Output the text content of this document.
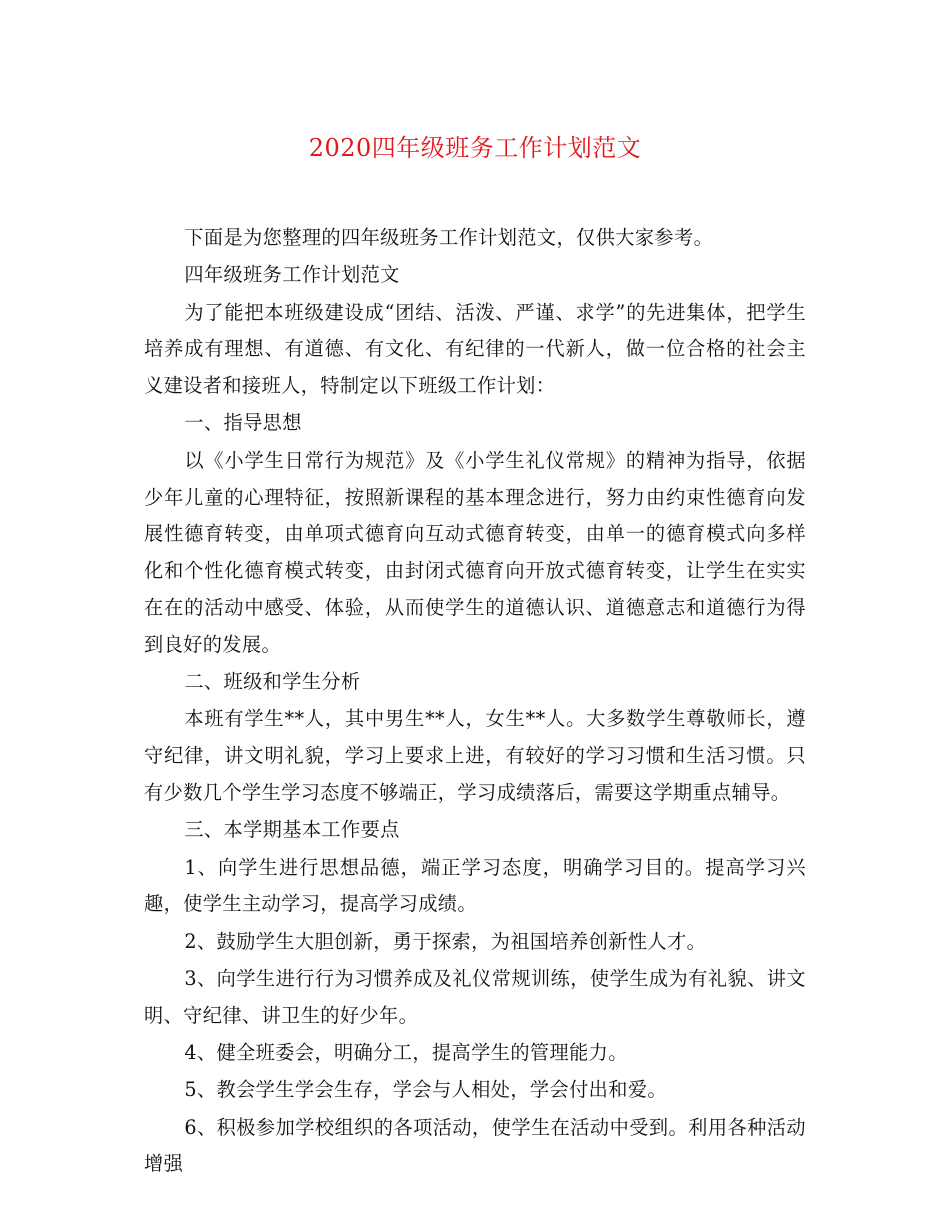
2020四年级班务工作计划范文

下面是为您整理的四年级班务工作计划范文，仅供大家参考。

四年级班务工作计划范文

为了能把本班级建设成“团结、活泼、严谨、求学”的先进集体，把学生培养成有理想、有道德、有文化、有纪律的一代新人，做一位合格的社会主义建设者和接班人，特制定以下班级工作计划：

一、指导思想

以《小学生日常行为规范》及《小学生礼仪常规》的精神为指导，依据少年儿童的心理特征，按照新课程的基本理念进行，努力由约束性德育向发展性德育转变，由单项式德育向互动式德育转变，由单一的德育模式向多样化和个性化德育模式转变，由封闭式德育向开放式德育转变，让学生在实实在在的活动中感受、体验，从而使学生的道德认识、道德意志和道德行为得到良好的发展。

二、班级和学生分析

本班有学生**人，其中男生**人，女生**人。大多数学生尊敬师长，遵守纪律，讲文明礼貌，学习上要求上进，有较好的学习习惯和生活习惯。只有少数几个学生学习态度不够端正，学习成绩落后，需要这学期重点辅导。

三、本学期基本工作要点

1、向学生进行思想品德，端正学习态度，明确学习目的。提高学习兴趣，使学生主动学习，提高学习成绩。

2、鼓励学生大胆创新，勇于探索，为祖国培养创新性人才。

3、向学生进行行为习惯养成及礼仪常规训练，使学生成为有礼貌、讲文明、守纪律、讲卫生的好少年。

4、健全班委会，明确分工，提高学生的管理能力。

5、教会学生学会生存，学会与人相处，学会付出和爱。

6、积极参加学校组织的各项活动，使学生在活动中受到。利用各种活动增强
